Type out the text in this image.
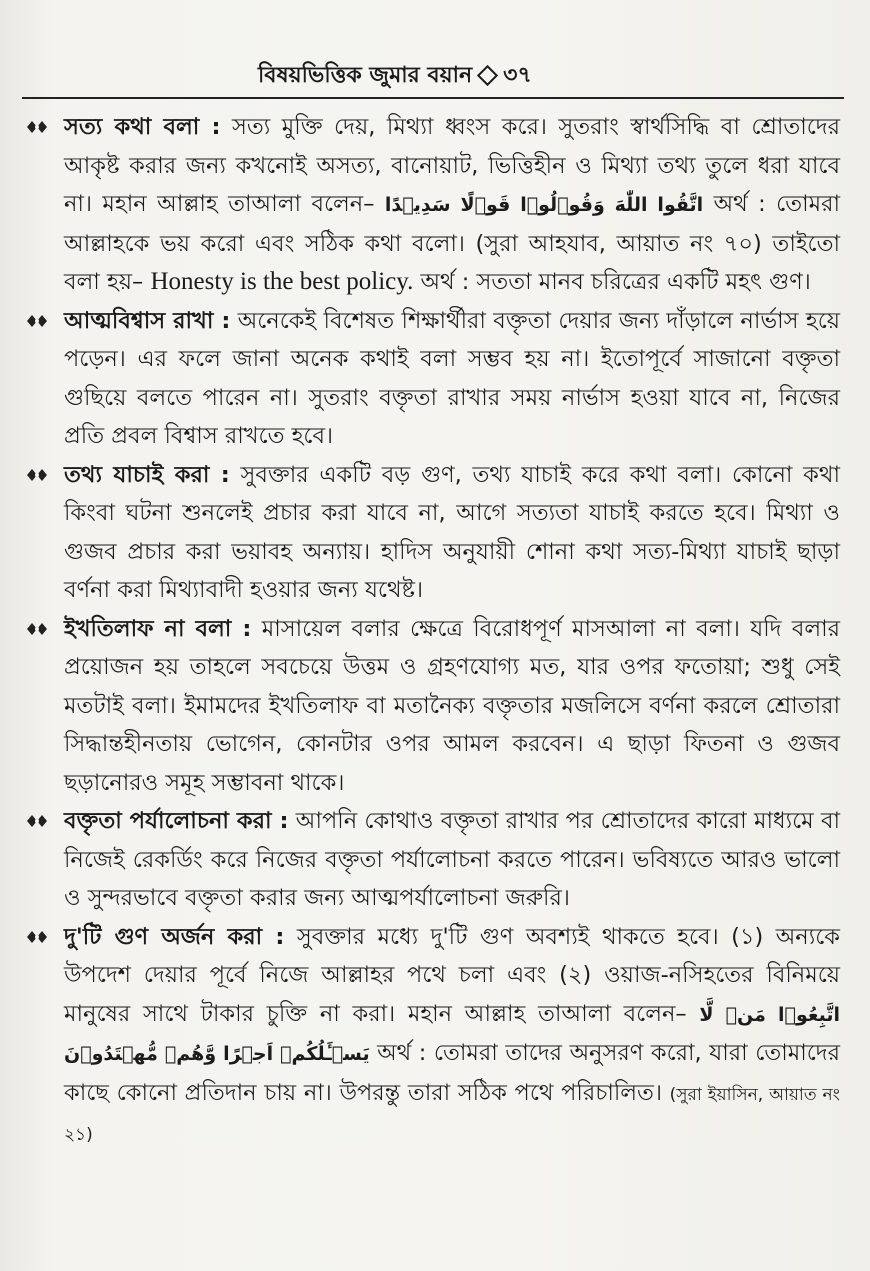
বিষয়ভিত্তিক জুমার বয়ান ৩৭
সত্য কথা বলা : সত্য মুক্তি দেয়, মিথ্যা ধ্বংস করে। সুতরাং স্বার্থসিদ্ধি বা শ্রোতাদের আকৃষ্ট করার জন্য কখনোই অসত্য, বানোয়াট, ভিত্তিহীন ও মিথ্যা তথ্য তুলে ধরা যাবে না। মহান আল্লাহ তাআলা বলেন– اتَّقُوا اللّٰهَ وَقُوۡلُوۡا قَوۡلًا سَدِيۡدًا অর্থ : তোমরা আল্লাহকে ভয় করো এবং সঠিক কথা বলো। (সুরা আহযাব, আয়াত নং ৭০) তাইতো বলা হয়– Honesty is the best policy. অর্থ : সততা মানব চরিত্রের একটি মহৎ গুণ।
আত্মবিশ্বাস রাখা : অনেকেই বিশেষত শিক্ষার্থীরা বক্তৃতা দেয়ার জন্য দাঁড়ালে নার্ভাস হয়ে পড়েন। এর ফলে জানা অনেক কথাই বলা সম্ভব হয় না। ইতোপূর্বে সাজানো বক্তৃতা গুছিয়ে বলতে পারেন না। সুতরাং বক্তৃতা রাখার সময় নার্ভাস হওয়া যাবে না, নিজের প্রতি প্রবল বিশ্বাস রাখতে হবে।
তথ্য যাচাই করা : সুবক্তার একটি বড় গুণ, তথ্য যাচাই করে কথা বলা। কোনো কথা কিংবা ঘটনা শুনলেই প্রচার করা যাবে না, আগে সত্যতা যাচাই করতে হবে। মিথ্যা ও গুজব প্রচার করা ভয়াবহ অন্যায়। হাদিস অনুযায়ী শোনা কথা সত্য-মিথ্যা যাচাই ছাড়া বর্ণনা করা মিথ্যাবাদী হওয়ার জন্য যথেষ্ট।
ইখতিলাফ না বলা : মাসায়েল বলার ক্ষেত্রে বিরোধপূর্ণ মাসআলা না বলা। যদি বলার প্রয়োজন হয় তাহলে সবচেয়ে উত্তম ও গ্রহণযোগ্য মত, যার ওপর ফতোয়া; শুধু সেই মতটাই বলা। ইমামদের ইখতিলাফ বা মতানৈক্য বক্তৃতার মজলিসে বর্ণনা করলে শ্রোতারা সিদ্ধান্তহীনতায় ভোগেন, কোনটার ওপর আমল করবেন। এ ছাড়া ফিতনা ও গুজব ছড়ানোরও সমূহ সম্ভাবনা থাকে।
বক্তৃতা পর্যালোচনা করা : আপনি কোথাও বক্তৃতা রাখার পর শ্রোতাদের কারো মাধ্যমে বা নিজেই রেকর্ডিং করে নিজের বক্তৃতা পর্যালোচনা করতে পারেন। ভবিষ্যতে আরও ভালো ও সুন্দরভাবে বক্তৃতা করার জন্য আত্মপর্যালোচনা জরুরি।
দু'টি গুণ অর্জন করা : সুবক্তার মধ্যে দু'টি গুণ অবশ্যই থাকতে হবে। (১) অন্যকে উপদেশ দেয়ার পূর্বে নিজে আল্লাহর পথে চলা এবং (২) ওয়াজ-নসিহতের বিনিময়ে মানুষের সাথে টাকার চুক্তি না করা। মহান আল্লাহ তাআলা বলেন– اتَّبِعُوۡا مَنۡ لَّا يَسۡـَٔلُكُمۡ اَجۡرًا وَّهُمۡ مُّهۡتَدُوۡنَ অর্থ : তোমরা তাদের অনুসরণ করো, যারা তোমাদের কাছে কোনো প্রতিদান চায় না। উপরন্তু তারা সঠিক পথে পরিচালিত। (সুরা ইয়াসিন, আয়াত নং ২১)
